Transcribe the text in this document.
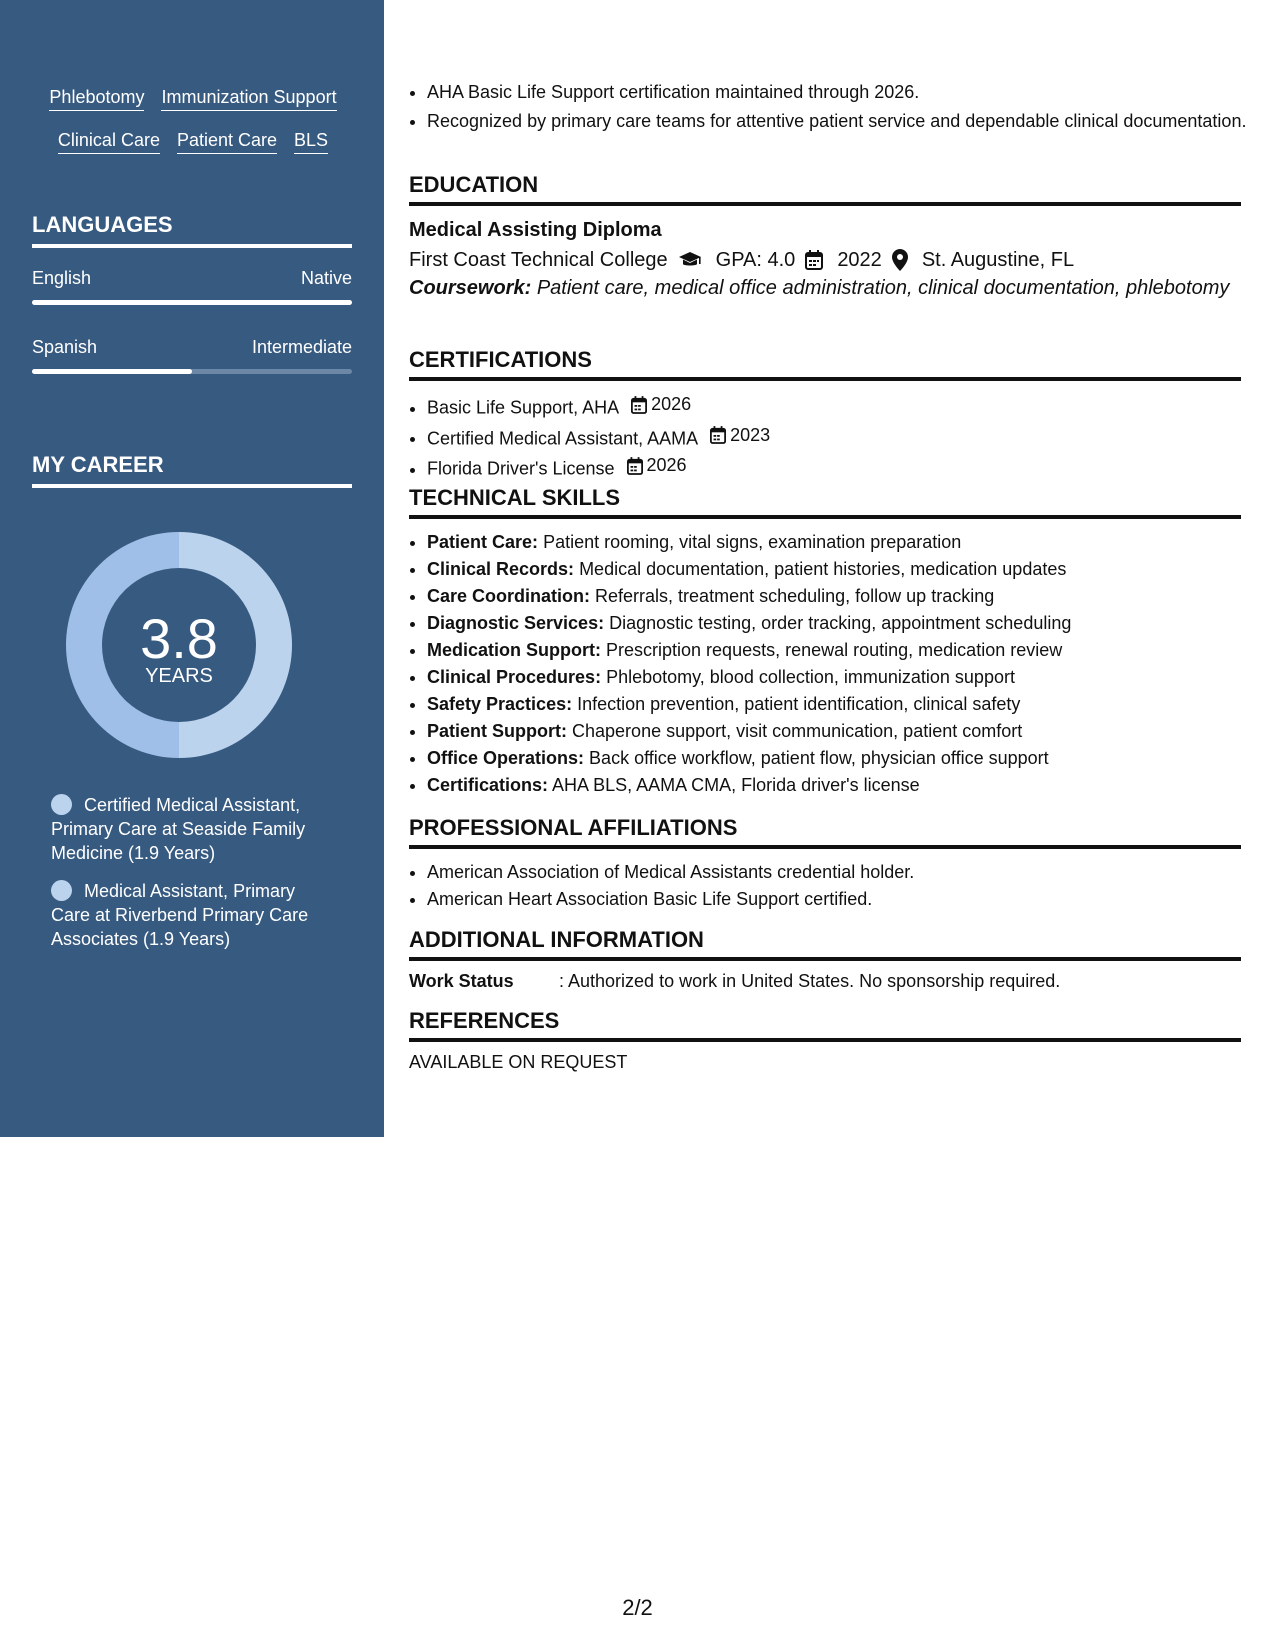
Phlebotomy Immunization Support
Clinical Care Patient Care BLS
LANGUAGES
English	Native
Spanish	Intermediate
MY CAREER
3.8
YEARS
Certified Medical Assistant, Primary Care at Seaside Family Medicine (1.9 Years)
Medical Assistant, Primary Care at Riverbend Primary Care Associates (1.9 Years)
• AHA Basic Life Support certification maintained through 2026.
• Recognized by primary care teams for attentive patient service and dependable clinical documentation.
EDUCATION
Medical Assisting Diploma
First Coast Technical College GPA: 4.0 2022 St. Augustine, FL
Coursework: Patient care, medical office administration, clinical documentation, phlebotomy
CERTIFICATIONS
• Basic Life Support, AHA 2026
• Certified Medical Assistant, AAMA 2023
• Florida Driver's License 2026
TECHNICAL SKILLS
• Patient Care: Patient rooming, vital signs, examination preparation
• Clinical Records: Medical documentation, patient histories, medication updates
• Care Coordination: Referrals, treatment scheduling, follow up tracking
• Diagnostic Services: Diagnostic testing, order tracking, appointment scheduling
• Medication Support: Prescription requests, renewal routing, medication review
• Clinical Procedures: Phlebotomy, blood collection, immunization support
• Safety Practices: Infection prevention, patient identification, clinical safety
• Patient Support: Chaperone support, visit communication, patient comfort
• Office Operations: Back office workflow, patient flow, physician office support
• Certifications: AHA BLS, AAMA CMA, Florida driver's license
PROFESSIONAL AFFILIATIONS
• American Association of Medical Assistants credential holder.
• American Heart Association Basic Life Support certified.
ADDITIONAL INFORMATION
Work Status	: Authorized to work in United States. No sponsorship required.
REFERENCES
AVAILABLE ON REQUEST
2/2
